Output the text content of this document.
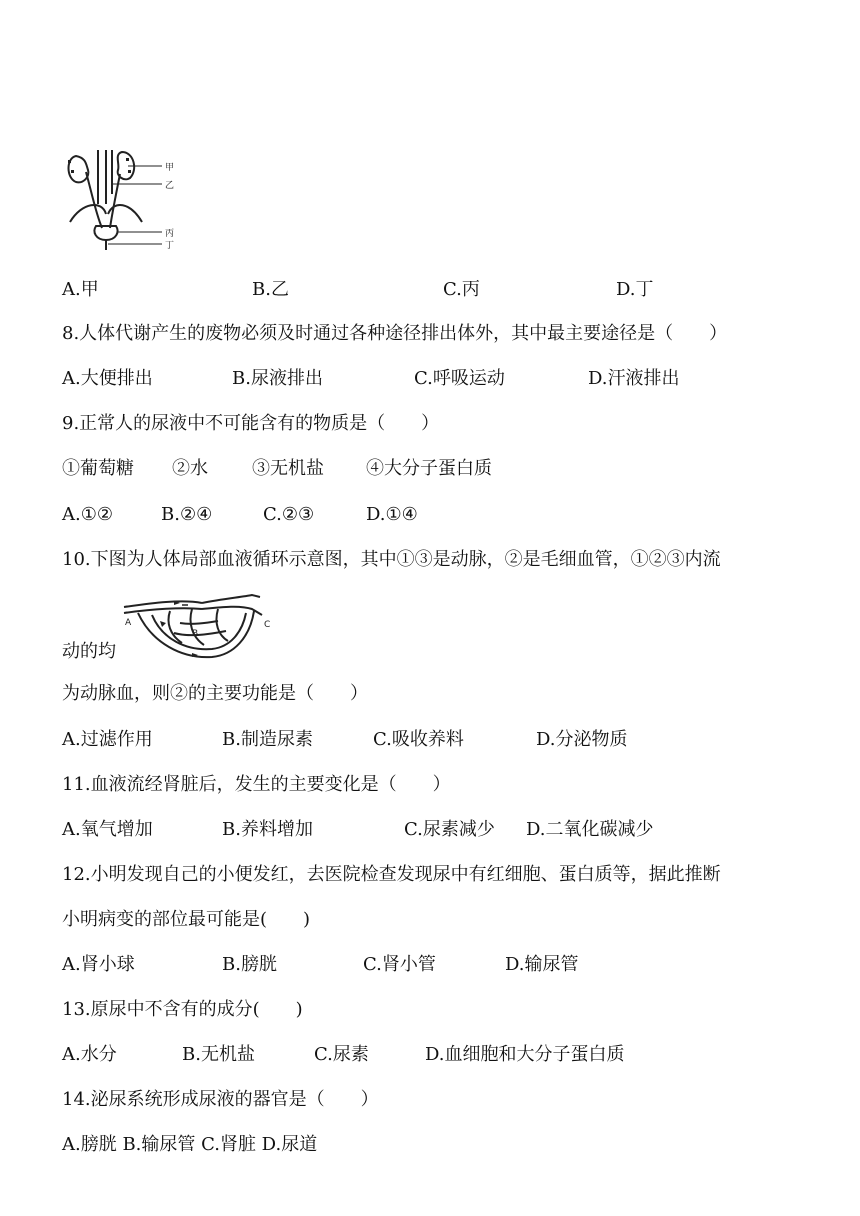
甲
乙
丙
丁
A.甲	B.乙	C.丙	D.丁
8.人体代谢产生的废物必须及时通过各种途径排出体外，其中最主要途径是（　　）
A.大便排出	B.尿液排出	C.呼吸运动	D.汗液排出
9.正常人的尿液中不可能含有的物质是（　　）
①葡萄糖 ②水 ③无机盐 ④大分子蛋白质
A.①②	B.②④	C.②③	D.①④
10.下图为人体局部血液循环示意图，其中①③是动脉，②是毛细血管，①②③内流
A
B
C
动的均
为动脉血，则②的主要功能是（　　）
A.过滤作用	B.制造尿素	C.吸收养料	D.分泌物质
11.血液流经肾脏后，发生的主要变化是（　　）
A.氧气增加	B.养料增加	C.尿素减少 D.二氧化碳减少
12.小明发现自己的小便发红，去医院检查发现尿中有红细胞、蛋白质等，据此推断
小明病变的部位最可能是(　　)
A.肾小球	B.膀胱	C.肾小管	D.输尿管
13.原尿中不含有的成分(　　)
A.水分	B.无机盐	C.尿素	D.血细胞和大分子蛋白质
14.泌尿系统形成尿液的器官是（　　）
A.膀胱 B.输尿管 C.肾脏 D.尿道
